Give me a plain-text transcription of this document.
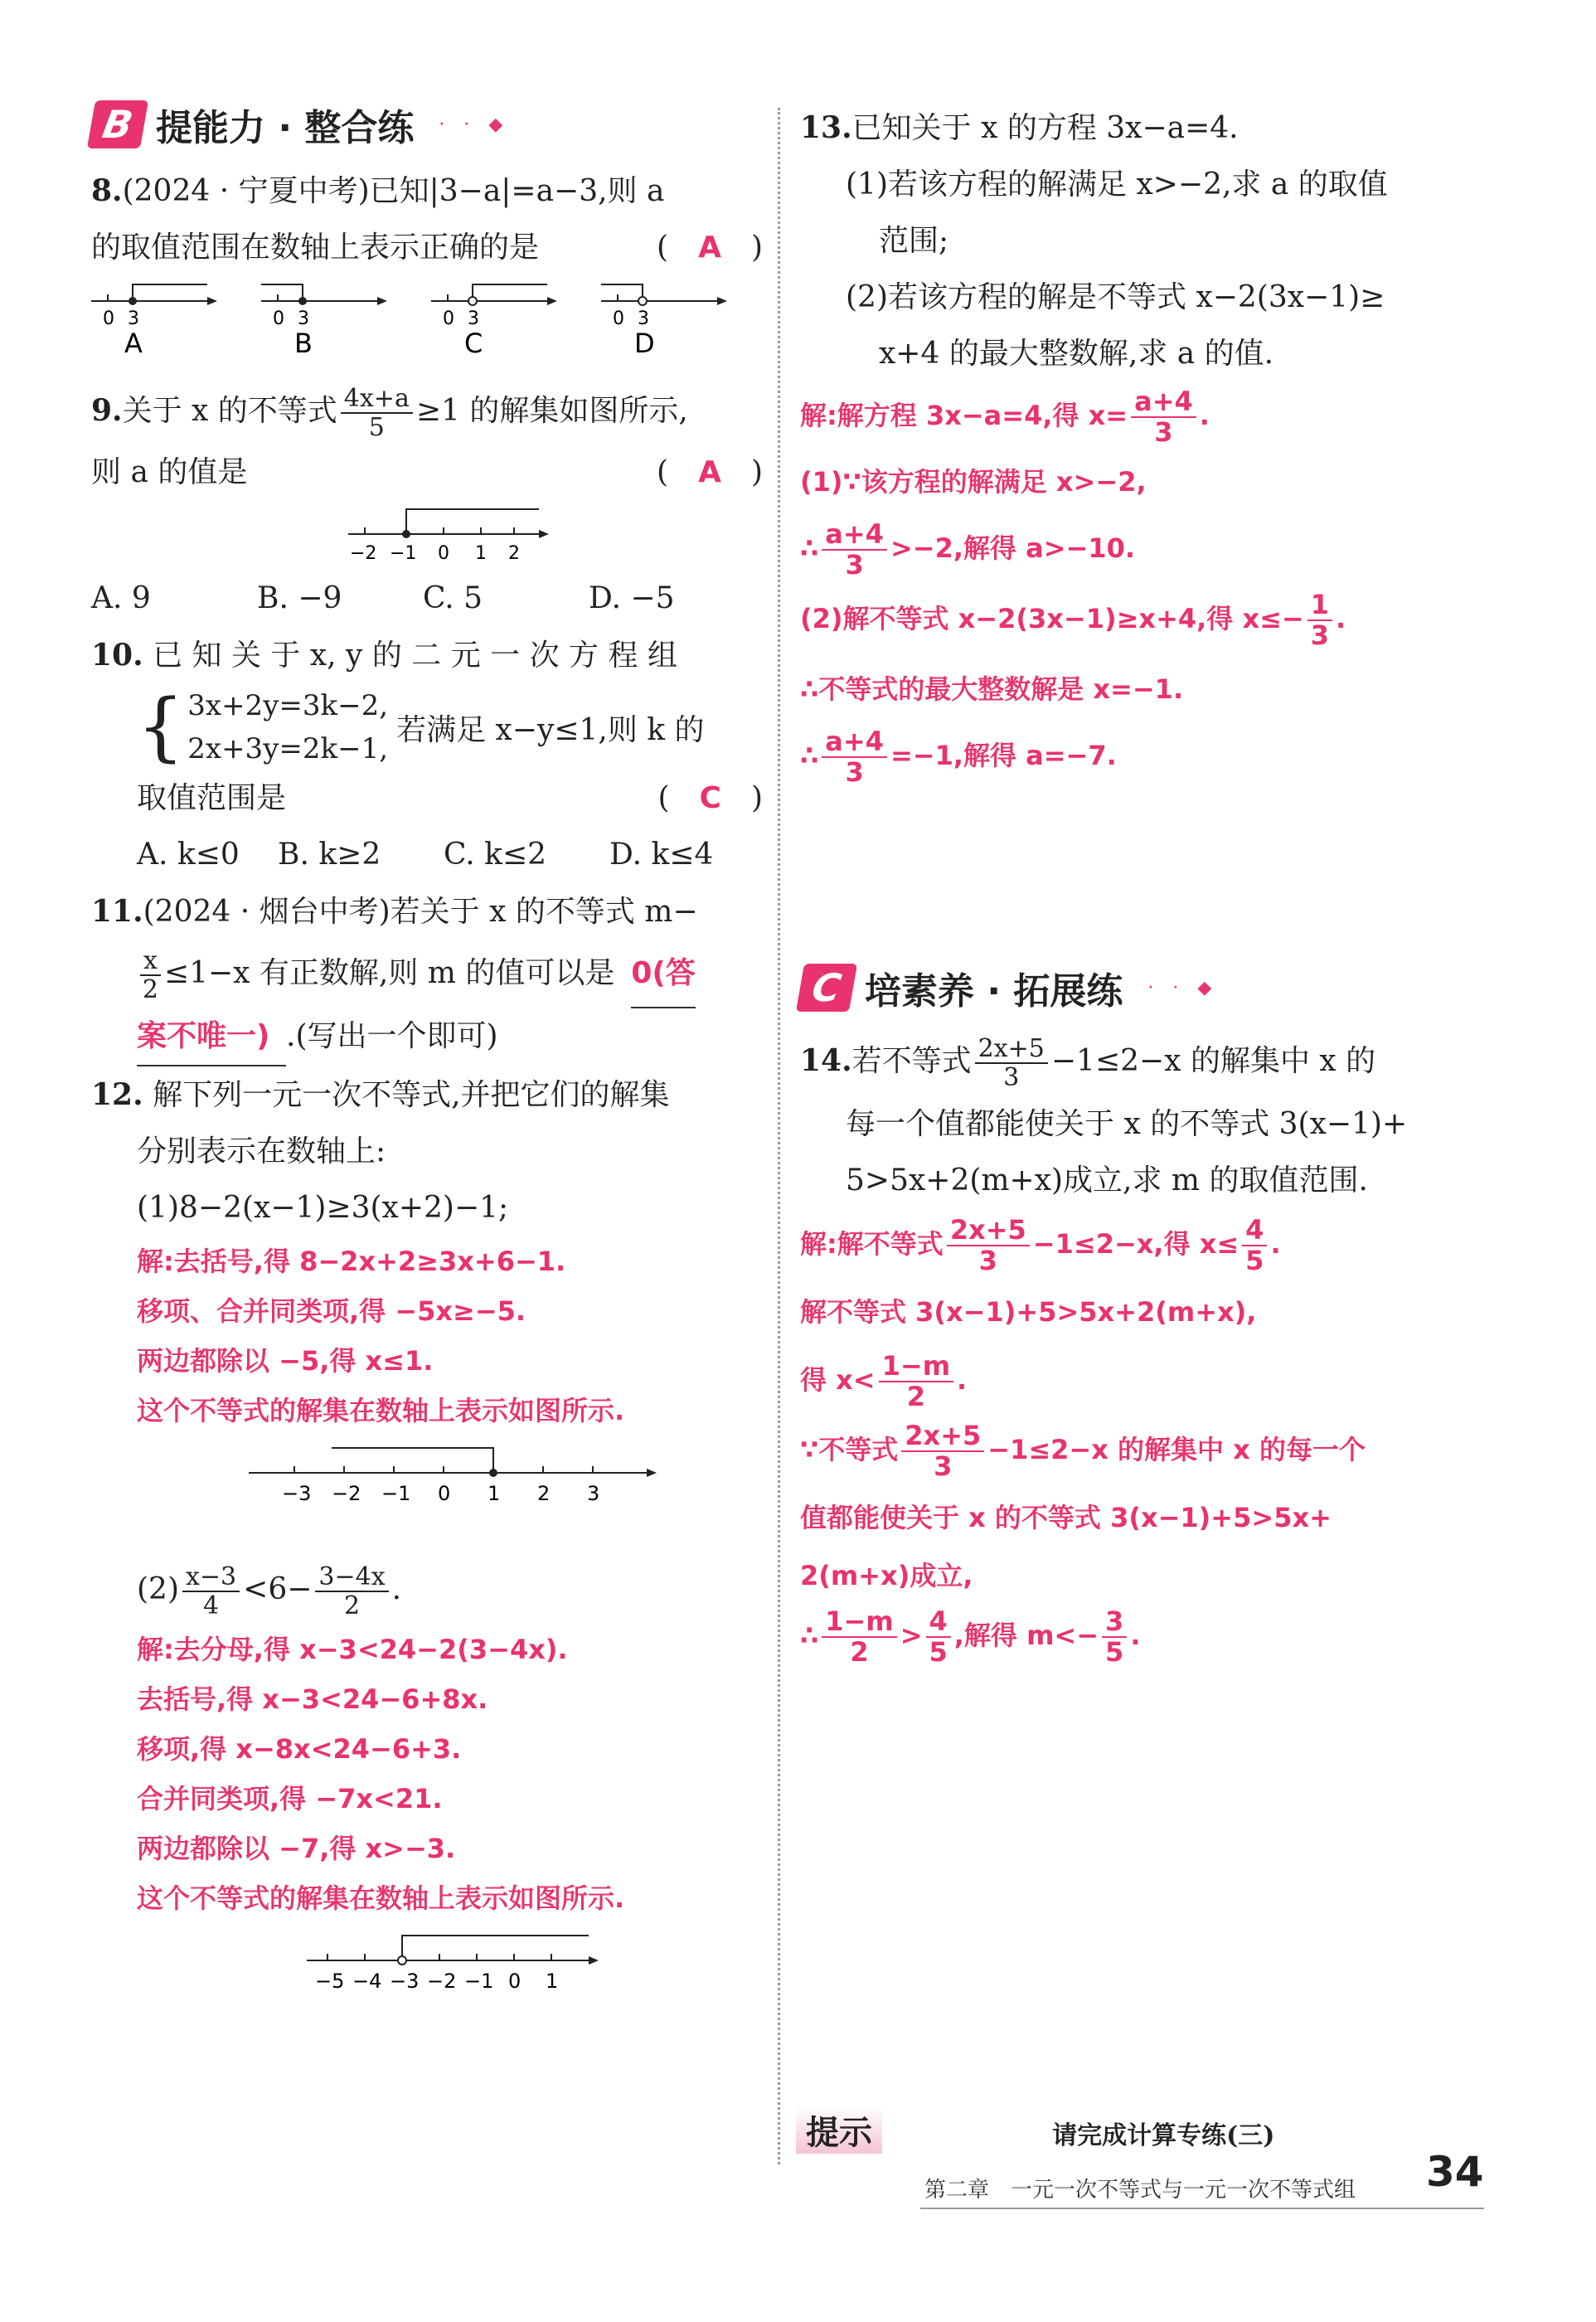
B 提能力 · 整合练 · · ◆
8.(2024 · 宁夏中考)已知|3−a|=a−3,则 a
的取值范围在数轴上表示正确的是	(　A　)
0 3
A
0 3
B
0 3
C
0 3
D
9.关于 x 的不等式 $\frac{4x+a}{5} \ge 1$ 的解集如图所示,
则 a 的值是	(　A　)
−2 −1 0 1 2
A. 9	B. −9	C. 5	D. −5
10. 已 知 关 于 x, y 的 二 元 一 次 方 程 组
{ 3x+2y=3k−2,
2x+3y=2k−1,
若满足 x−y≤1,则 k 的
取值范围是	(　C　)
A. k≤0 B. k≥2 C. k≤2 D. k≤4
11.(2024 · 烟台中考)若关于 x 的不等式 m−
$\frac{x}{2} \le 1-x$ 有正数解,则 m 的值可以是 0(答
案不唯一) .(写出一个即可)
12. 解下列一元一次不等式,并把它们的解集
分别表示在数轴上:
(1)8−2(x−1)≥3(x+2)−1;
解:去括号,得 8−2x+2≥3x+6−1.
移项、合并同类项,得 −5x≥−5.
两边都除以 −5,得 x≤1.
这个不等式的解集在数轴上表示如图所示.
−3 −2 −1 0 1 2 3
$(2) \frac{x-3}{4} <6- \frac{3-4x}{2}$ .
解:去分母,得 x−3<24−2(3−4x).
去括号,得 x−3<24−6+8x.
移项,得 x−8x<24−6+3.
合并同类项,得 −7x<21.
两边都除以 −7,得 x>−3.
这个不等式的解集在数轴上表示如图所示.
−5 −4 −3 −2 −1 0 1
13.已知关于 x 的方程 3x−a=4.
(1)若该方程的解满足 x>−2,求 a 的取值
范围;
(2)若该方程的解是不等式 x−2(3x−1)≥
x+4 的最大整数解,求 a 的值.
解:解方程 3x−a=4,得 $x= \frac{a+4}{3}$ .
(1)∵该方程的解满足 x>−2,
∴ $\frac{a+4}{3} >-2$,解得 a>−10.
(2)解不等式 x−2(3x−1)≥x+4,得 $x\le- \frac{1}{3}$ .
∴不等式的最大整数解是 x=−1.
∴ $\frac{a+4}{3} =-1$,解得 a=−7.
C 培素养 · 拓展练 · · ◆
14.若不等式 $\frac{2x+5}{3} -1\le 2-x$ 的解集中 x 的
每一个值都能使关于 x 的不等式 3(x−1)+
5>5x+2(m+x)成立,求 m 的取值范围.
解:解不等式 $\frac{2x+5}{3} -1\le 2-x$,得 $x\le \frac{4}{5}$ .
解不等式 3(x−1)+5>5x+2(m+x),
得 $x< \frac{1-m}{2}$ .
∵不等式 $\frac{2x+5}{3} -1\le 2-x$ 的解集中 x 的每一个
值都能使关于 x 的不等式 3(x−1)+5>5x+
2(m+x)成立,
∴ $\frac{1-m}{2} > \frac{4}{5}$ ,解得 $m<- \frac{3}{5}$ .
提示	请完成计算专练(三)
第二章　一元一次不等式与一元一次不等式组 34
